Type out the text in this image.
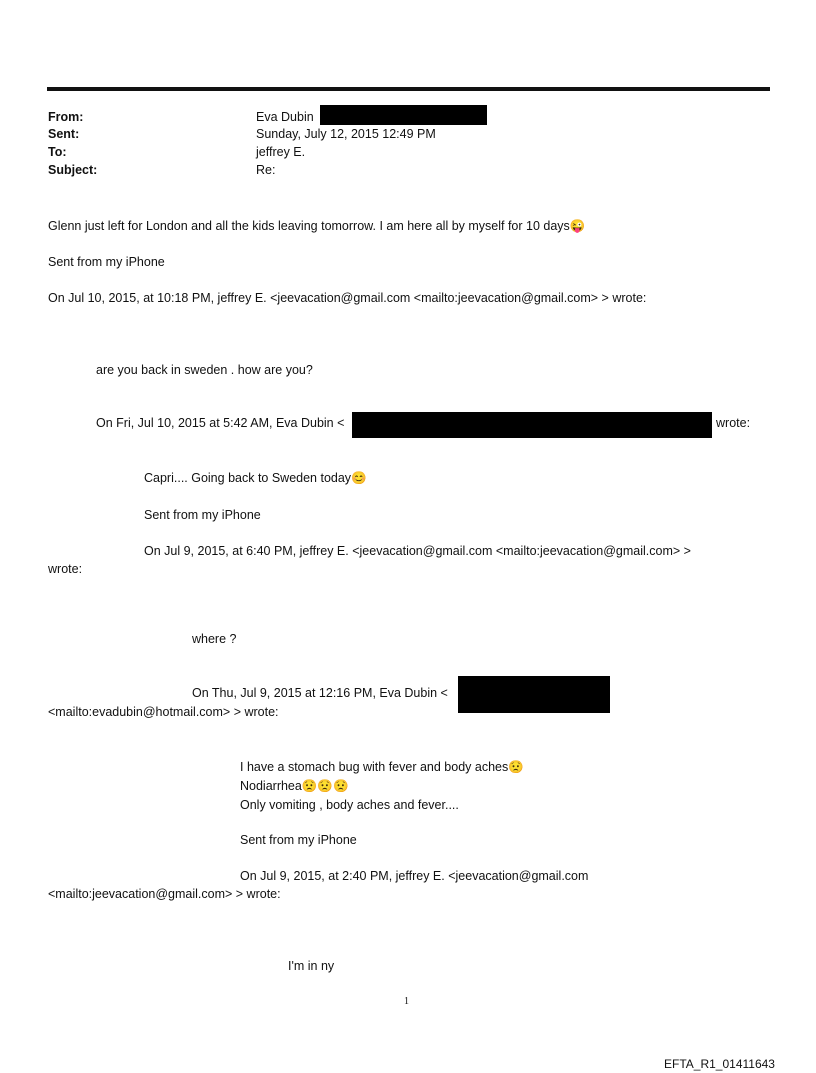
From:	Eva Dubin
Sent:	Sunday, July 12, 2015 12:49 PM
To:	jeffrey E.
Subject:	Re:
Glenn just left for London and all the kids leaving tomorrow. I am here all by myself for 10 days😜
Sent from my iPhone
On Jul 10, 2015, at 10:18 PM, jeffrey E. <jeevacation@gmail.com <mailto:jeevacation@gmail.com> > wrote:
are you back in sweden . how are you?
On Fri, Jul 10, 2015 at 5:42 AM, Eva Dubin <	wrote:
Capri.... Going back to Sweden today😊
Sent from my iPhone
On Jul 9, 2015, at 6:40 PM, jeffrey E. <jeevacation@gmail.com <mailto:jeevacation@gmail.com> >
wrote:
where ?
On Thu, Jul 9, 2015 at 12:16 PM, Eva Dubin <
<mailto:evadubin@hotmail.com> > wrote:
I have a stomach bug with fever and body aches😟
Nodiarrhea😟😟😟
Only vomiting , body aches and fever....
Sent from my iPhone
On Jul 9, 2015, at 2:40 PM, jeffrey E. <jeevacation@gmail.com
<mailto:jeevacation@gmail.com> > wrote:
I'm in ny
1
EFTA_R1_01411643
